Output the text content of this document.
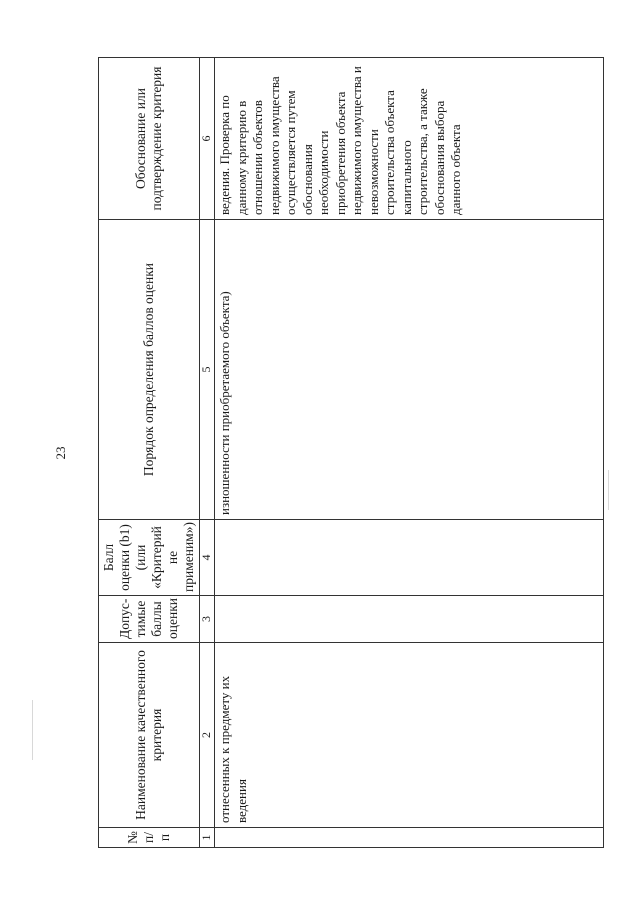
23
№ п/п	Наименование качественного критерия	Допус-тимые баллы оценки	Балл оценки (b1) (или «Критерий не применим»)	Порядок определения баллов оценки	Обоснование или подтверждение критерия
1	2	3	4	5	6
	отнесенных к предмету их ведения			изношенности приобретаемого объекта)	ведения. Проверка по данному критерию в отношении объектов недвижимого имущества осуществляется путем обоснования необходимости приобретения объекта недвижимого имущества и невозможности строительства объекта капитального строительства, а также обоснования выбора данного объекта
